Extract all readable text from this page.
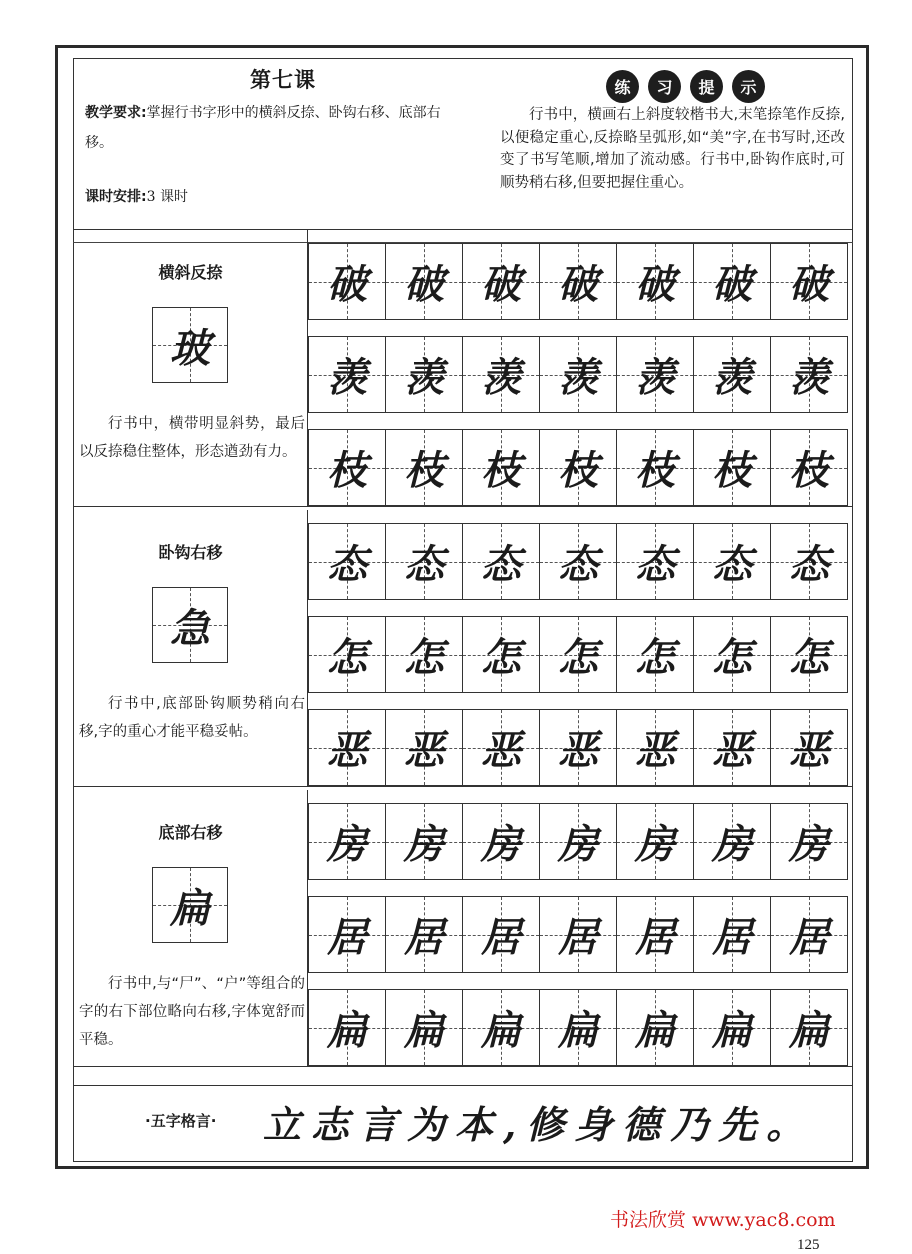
第七课
教学要求:掌握行书字形中的横斜反捺、卧钩右移、底部右移。
课时安排:3 课时
练	习	提	示
行书中，横画右上斜度较楷书大,末笔捺笔作反捺,以便稳定重心,反捺略呈弧形,如“美”字,在书写时,还改变了书写笔顺,增加了流动感。行书中,卧钩作底时,可顺势稍右移,但要把握住重心。
横斜反捺
玻
行书中，横带明显斜势，最后以反捺稳住整体，形态遒劲有力。
破 破 破 破 破 破 破
羡 羡 羡 羡 羡 羡 羡
枝 枝 枝 枝 枝 枝 枝
卧钩右移
急
行书中,底部卧钩顺势稍向右移,字的重心才能平稳妥帖。
态 态 态 态 态 态 态
怎 怎 怎 怎 怎 怎 怎
恶 恶 恶 恶 恶 恶 恶
底部右移
扁
行书中,与“尸”、“户”等组合的字的右下部位略向右移,字体宽舒而平稳。
房 房 房 房 房 房 房
居 居 居 居 居 居 居
扁 扁 扁 扁 扁 扁 扁
·五字格言· 立志言为本,修身德乃先。
书法欣赏 www.yac8.com
125
